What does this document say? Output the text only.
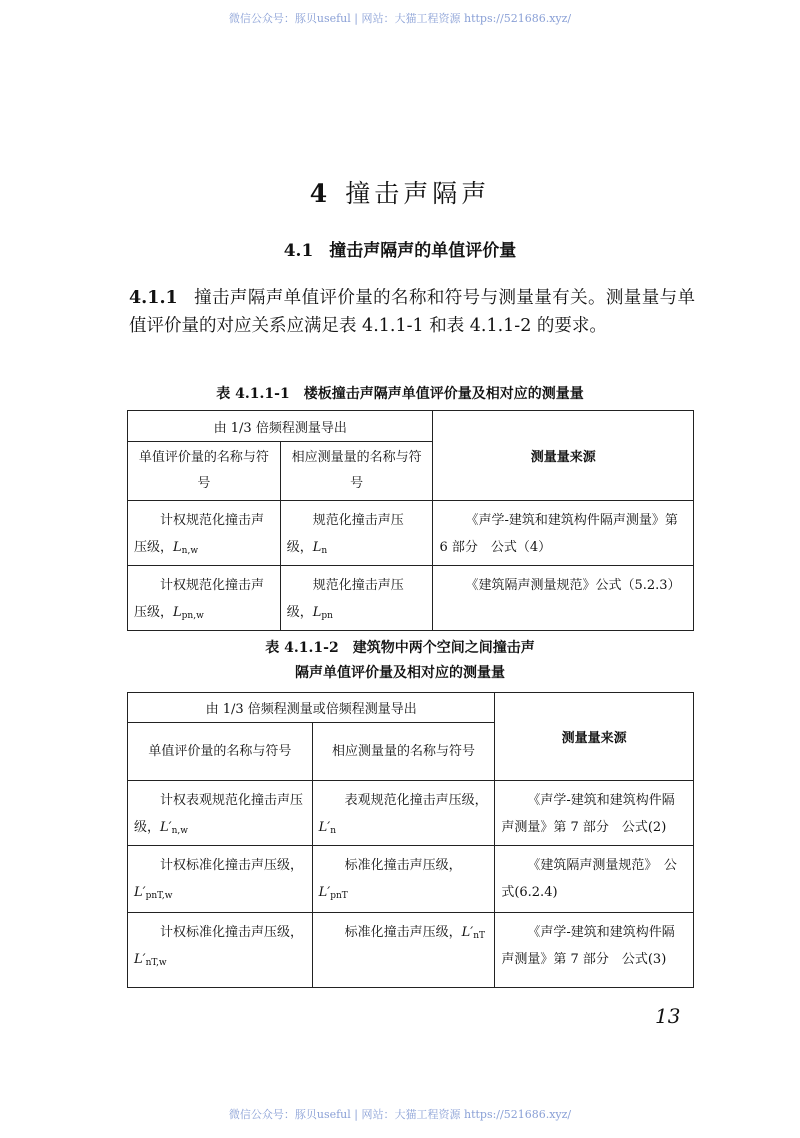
微信公众号：豚贝useful | 网站：大猫工程资源 https://521686.xyz/
4 撞击声隔声
4.1 撞击声隔声的单值评价量
4.1.1 撞击声隔声单值评价量的名称和符号与测量量有关。测量量与单值评价量的对应关系应满足表 4.1.1-1 和表 4.1.1-2 的要求。
表 4.1.1-1　楼板撞击声隔声单值评价量及相对应的测量量
由 1/3 倍频程测量导出		测量量来源
单值评价量的名称与符号	相应测量量的名称与符号	
计权规范化撞击声压级，$L_{n,w}$	规范化撞击声压级，$L_n$	《声学-建筑和建筑构件隔声测量》第 6 部分　公式（4）
计权规范化撞击声压级，$L_{pn,w}$	规范化撞击声压级，$L_{pn}$	《建筑隔声测量规范》公式（5.2.3）
表 4.1.1-2　建筑物中两个空间之间撞击声
隔声单值评价量及相对应的测量量
由 1/3 倍频程测量或倍频程测量导出		测量量来源
单值评价量的名称与符号	相应测量量的名称与符号	
计权表观规范化撞击声压级，$L'_{n,w}$	表观规范化撞击声压级，$L'_n$	《声学-建筑和建筑构件隔声测量》第 7 部分　公式(2)
计权标准化撞击声压级，$L'_{pnT,w}$	标准化撞击声压级，$L'_{pnT}$	《建筑隔声测量规范》　公式(6.2.4)
计权标准化撞击声压级，$L'_{nT,w}$	标准化撞击声压级，$L'_{nT}$	《声学-建筑和建筑构件隔声测量》第 7 部分　公式(3)
13
微信公众号：豚贝useful | 网站：大猫工程资源 https://521686.xyz/
